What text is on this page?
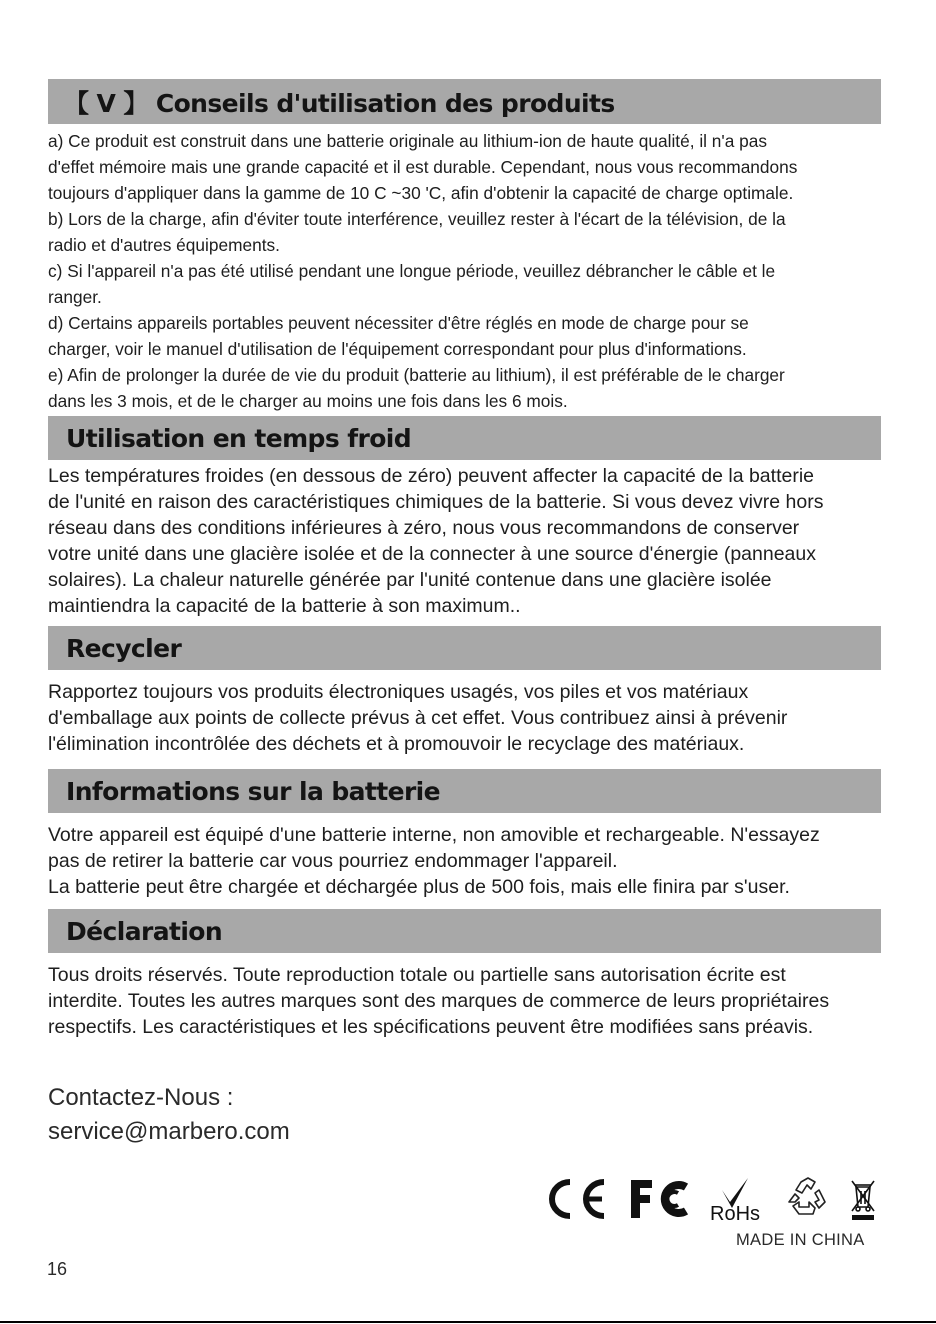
【 V 】 Conseils d'utilisation des produits

a) Ce produit est construit dans une batterie originale au lithium-ion de haute qualité, il n'a pas

d'effet mémoire mais une grande capacité et il est durable. Cependant, nous vous recommandons

toujours d'appliquer dans la gamme de 10 C ~30 'C, afin d'obtenir la capacité de charge optimale.

b) Lors de la charge, afin d'éviter toute interférence, veuillez rester à l'écart de la télévision, de la

radio et d'autres équipements.

c) Si l'appareil n'a pas été utilisé pendant une longue période, veuillez débrancher le câble et le

ranger.

d) Certains appareils portables peuvent nécessiter d'être réglés en mode de charge pour se

charger, voir le manuel d'utilisation de l'équipement correspondant pour plus d'informations.

e) Afin de prolonger la durée de vie du produit (batterie au lithium), il est préférable de le charger

dans les 3 mois, et de le charger au moins une fois dans les 6 mois.

Utilisation en temps froid

Les températures froides (en dessous de zéro) peuvent affecter la capacité de la batterie

de l'unité en raison des caractéristiques chimiques de la batterie. Si vous devez vivre hors

réseau dans des conditions inférieures à zéro, nous vous recommandons de conserver

votre unité dans une glacière isolée et de la connecter à une source d'énergie (panneaux

solaires). La chaleur naturelle générée par l'unité contenue dans une glacière isolée

maintiendra la capacité de la batterie à son maximum..

Recycler

Rapportez toujours vos produits électroniques usagés, vos piles et vos matériaux

d'emballage aux points de collecte prévus à cet effet. Vous contribuez ainsi à prévenir

l'élimination incontrôlée des déchets et à promouvoir le recyclage des matériaux.

Informations sur la batterie

Votre appareil est équipé d'une batterie interne, non amovible et rechargeable. N'essayez

pas de retirer la batterie car vous pourriez endommager l'appareil.

La batterie peut être chargée et déchargée plus de 500 fois, mais elle finira par s'user.

Déclaration

Tous droits réservés. Toute reproduction totale ou partielle sans autorisation écrite est

interdite. Toutes les autres marques sont des marques de commerce de leurs propriétaires

respectifs. Les caractéristiques et les spécifications peuvent être modifiées sans préavis.

Contactez-Nous :
service@marbero.com
RoHs
MADE IN CHINA
16
